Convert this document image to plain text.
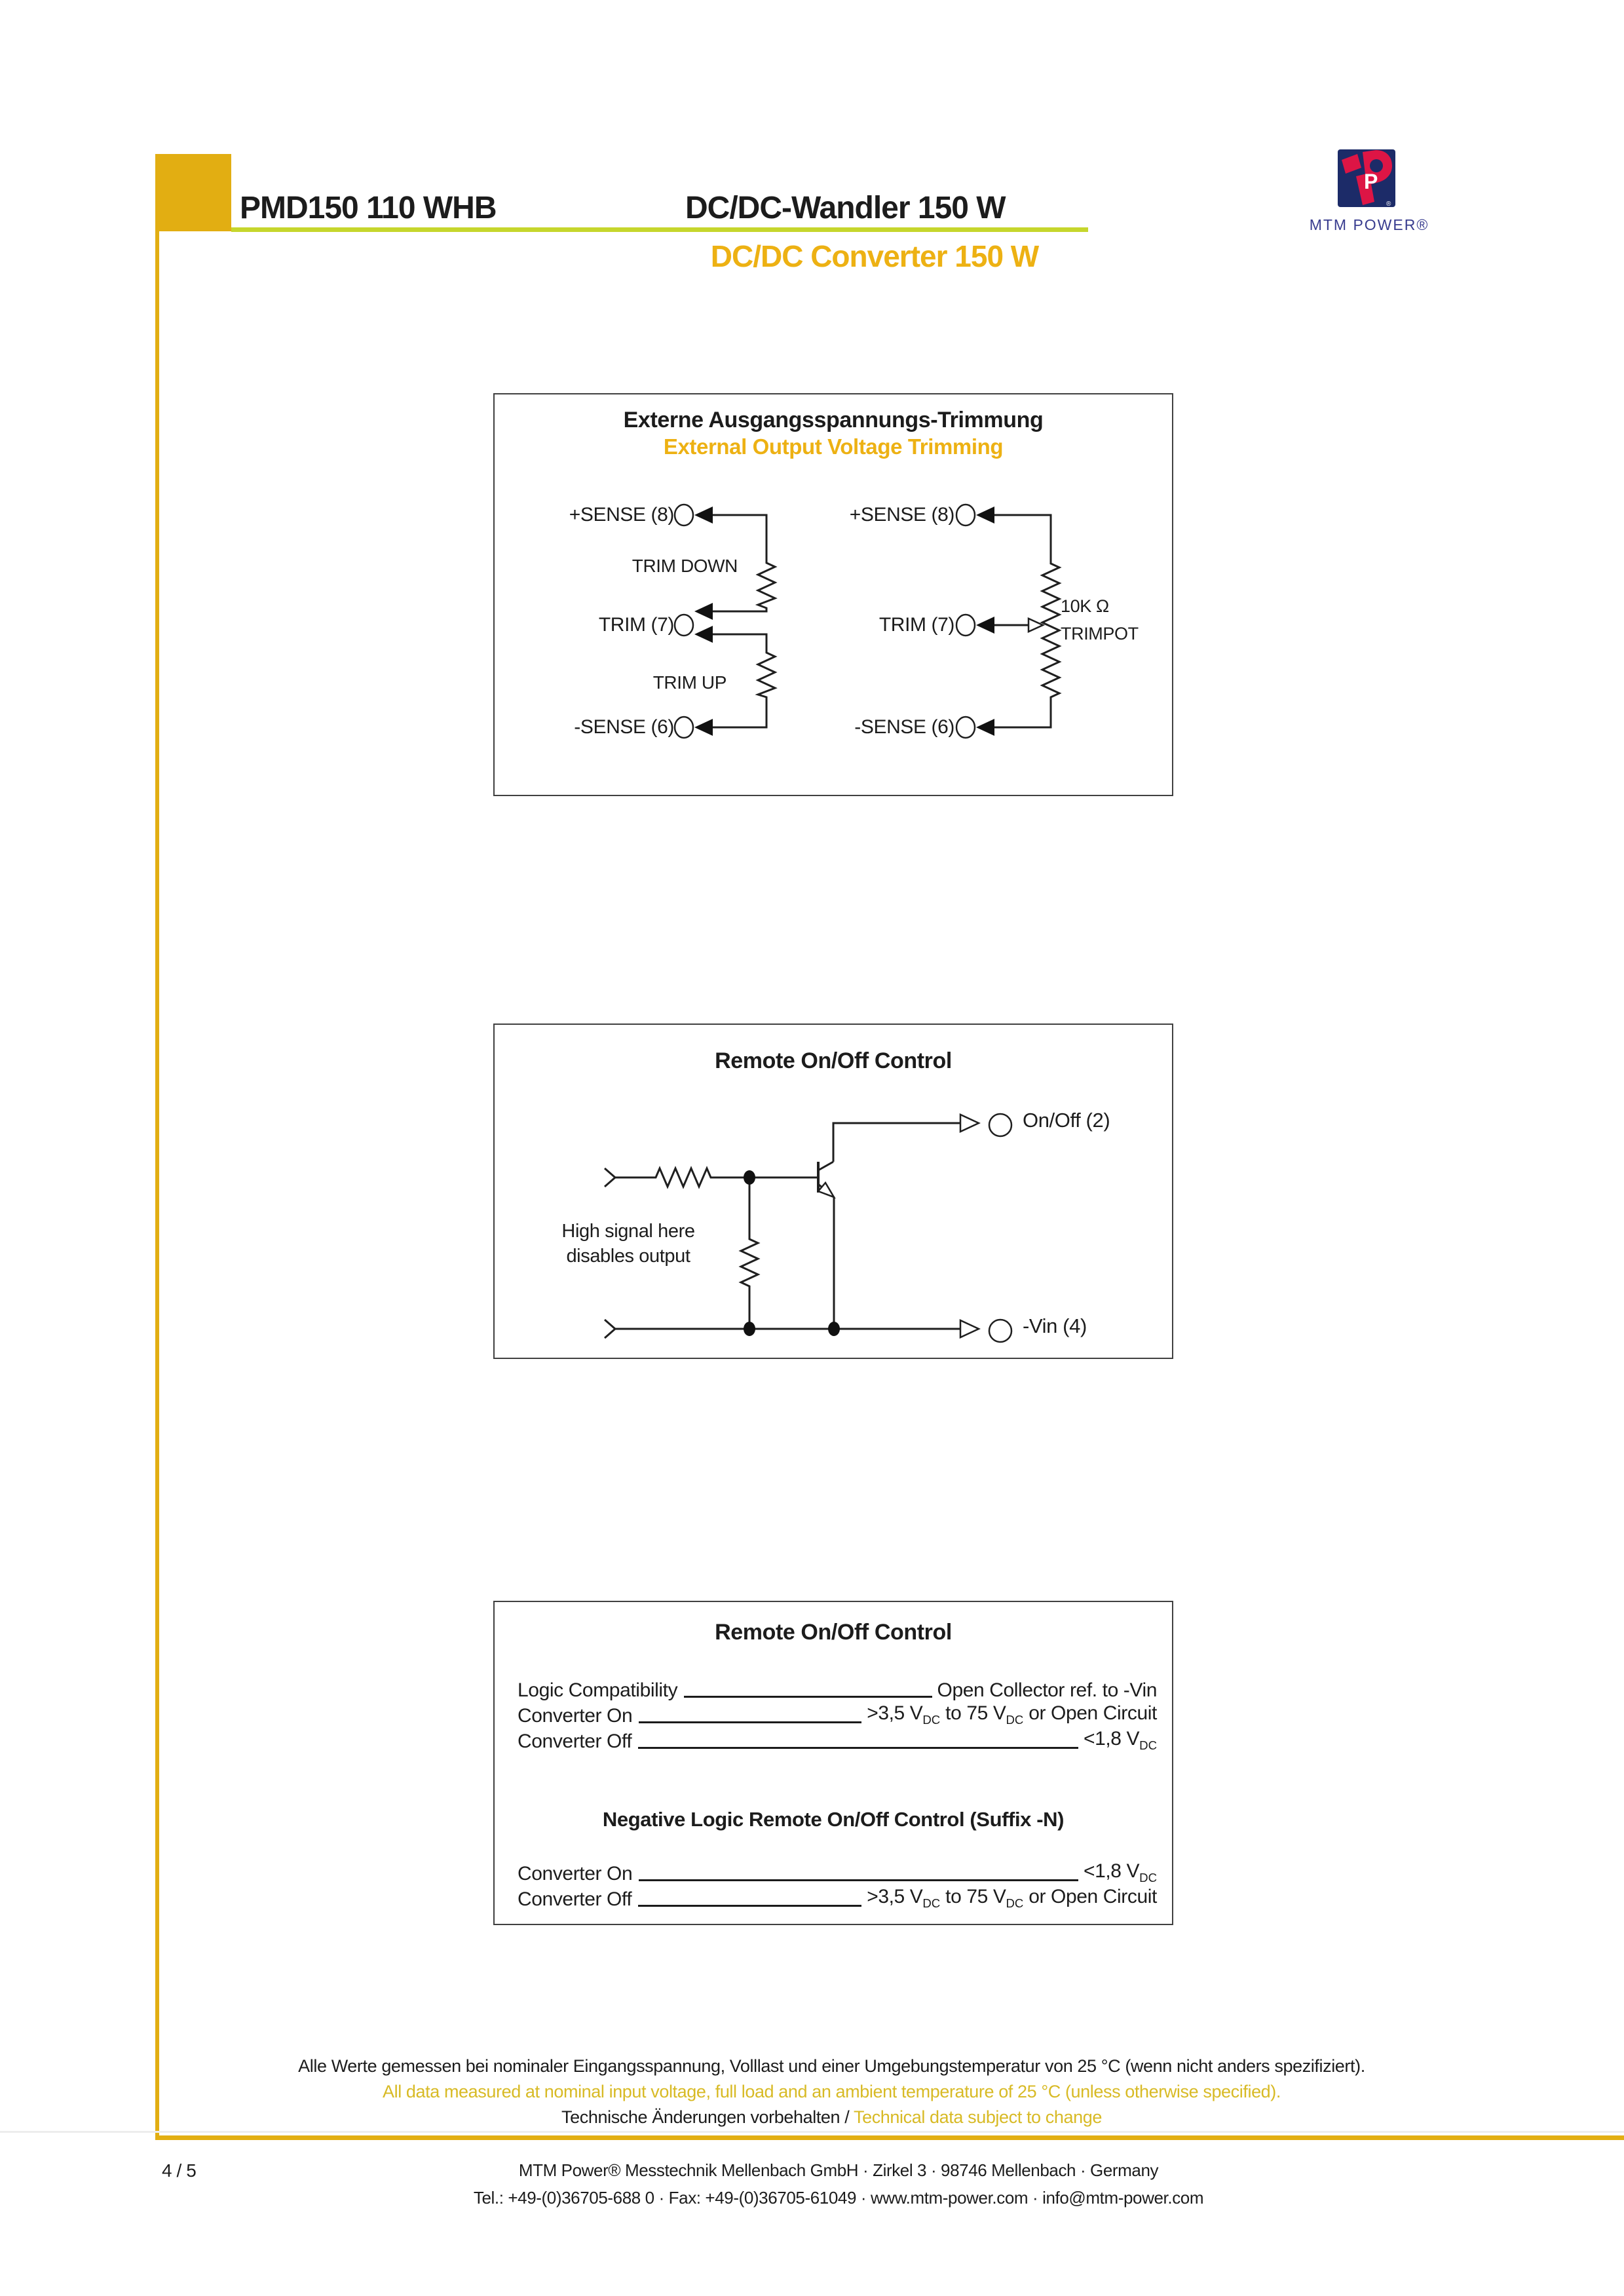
PMD150 110 WHB	DC/DC-Wandler 150 W
DC/DC Converter 150 W
P
®
MTM POWER®
Externe Ausgangsspannungs-Trimmung
External Output Voltage Trimming
+SENSE (8)
TRIM DOWN
TRIM (7)
TRIM UP
-SENSE (6)
+SENSE (8)
TRIM (7)
-SENSE (6)
10K Ω
TRIMPOT
Remote On/Off Control
High signal here
disables output
On/Off (2)
-Vin (4)
Remote On/Off Control
Logic Compatibility	Open Collector ref. to -Vin
Converter On	>3,5 $V_{DC}$ to 75 $V_{DC}$ or Open Circuit
Converter Off	<1,8 $V_{DC}$
Negative Logic Remote On/Off Control (Suffix -N)
Converter On	<1,8 $V_{DC}$
Converter Off	>3,5 $V_{DC}$ to 75 $V_{DC}$ or Open Circuit
Alle Werte gemessen bei nominaler Eingangsspannung, Volllast und einer Umgebungstemperatur von 25 °C (wenn nicht anders spezifiziert).
All data measured at nominal input voltage, full load and an ambient temperature of 25 °C (unless otherwise specified).
Technische Änderungen vorbehalten / Technical data subject to change
4 / 5	MTM Power® Messtechnik Mellenbach GmbH · Zirkel 3 · 98746 Mellenbach · Germany
Tel.: +49-(0)36705-688 0 · Fax: +49-(0)36705-61049 · www.mtm-power.com · info@mtm-power.com
